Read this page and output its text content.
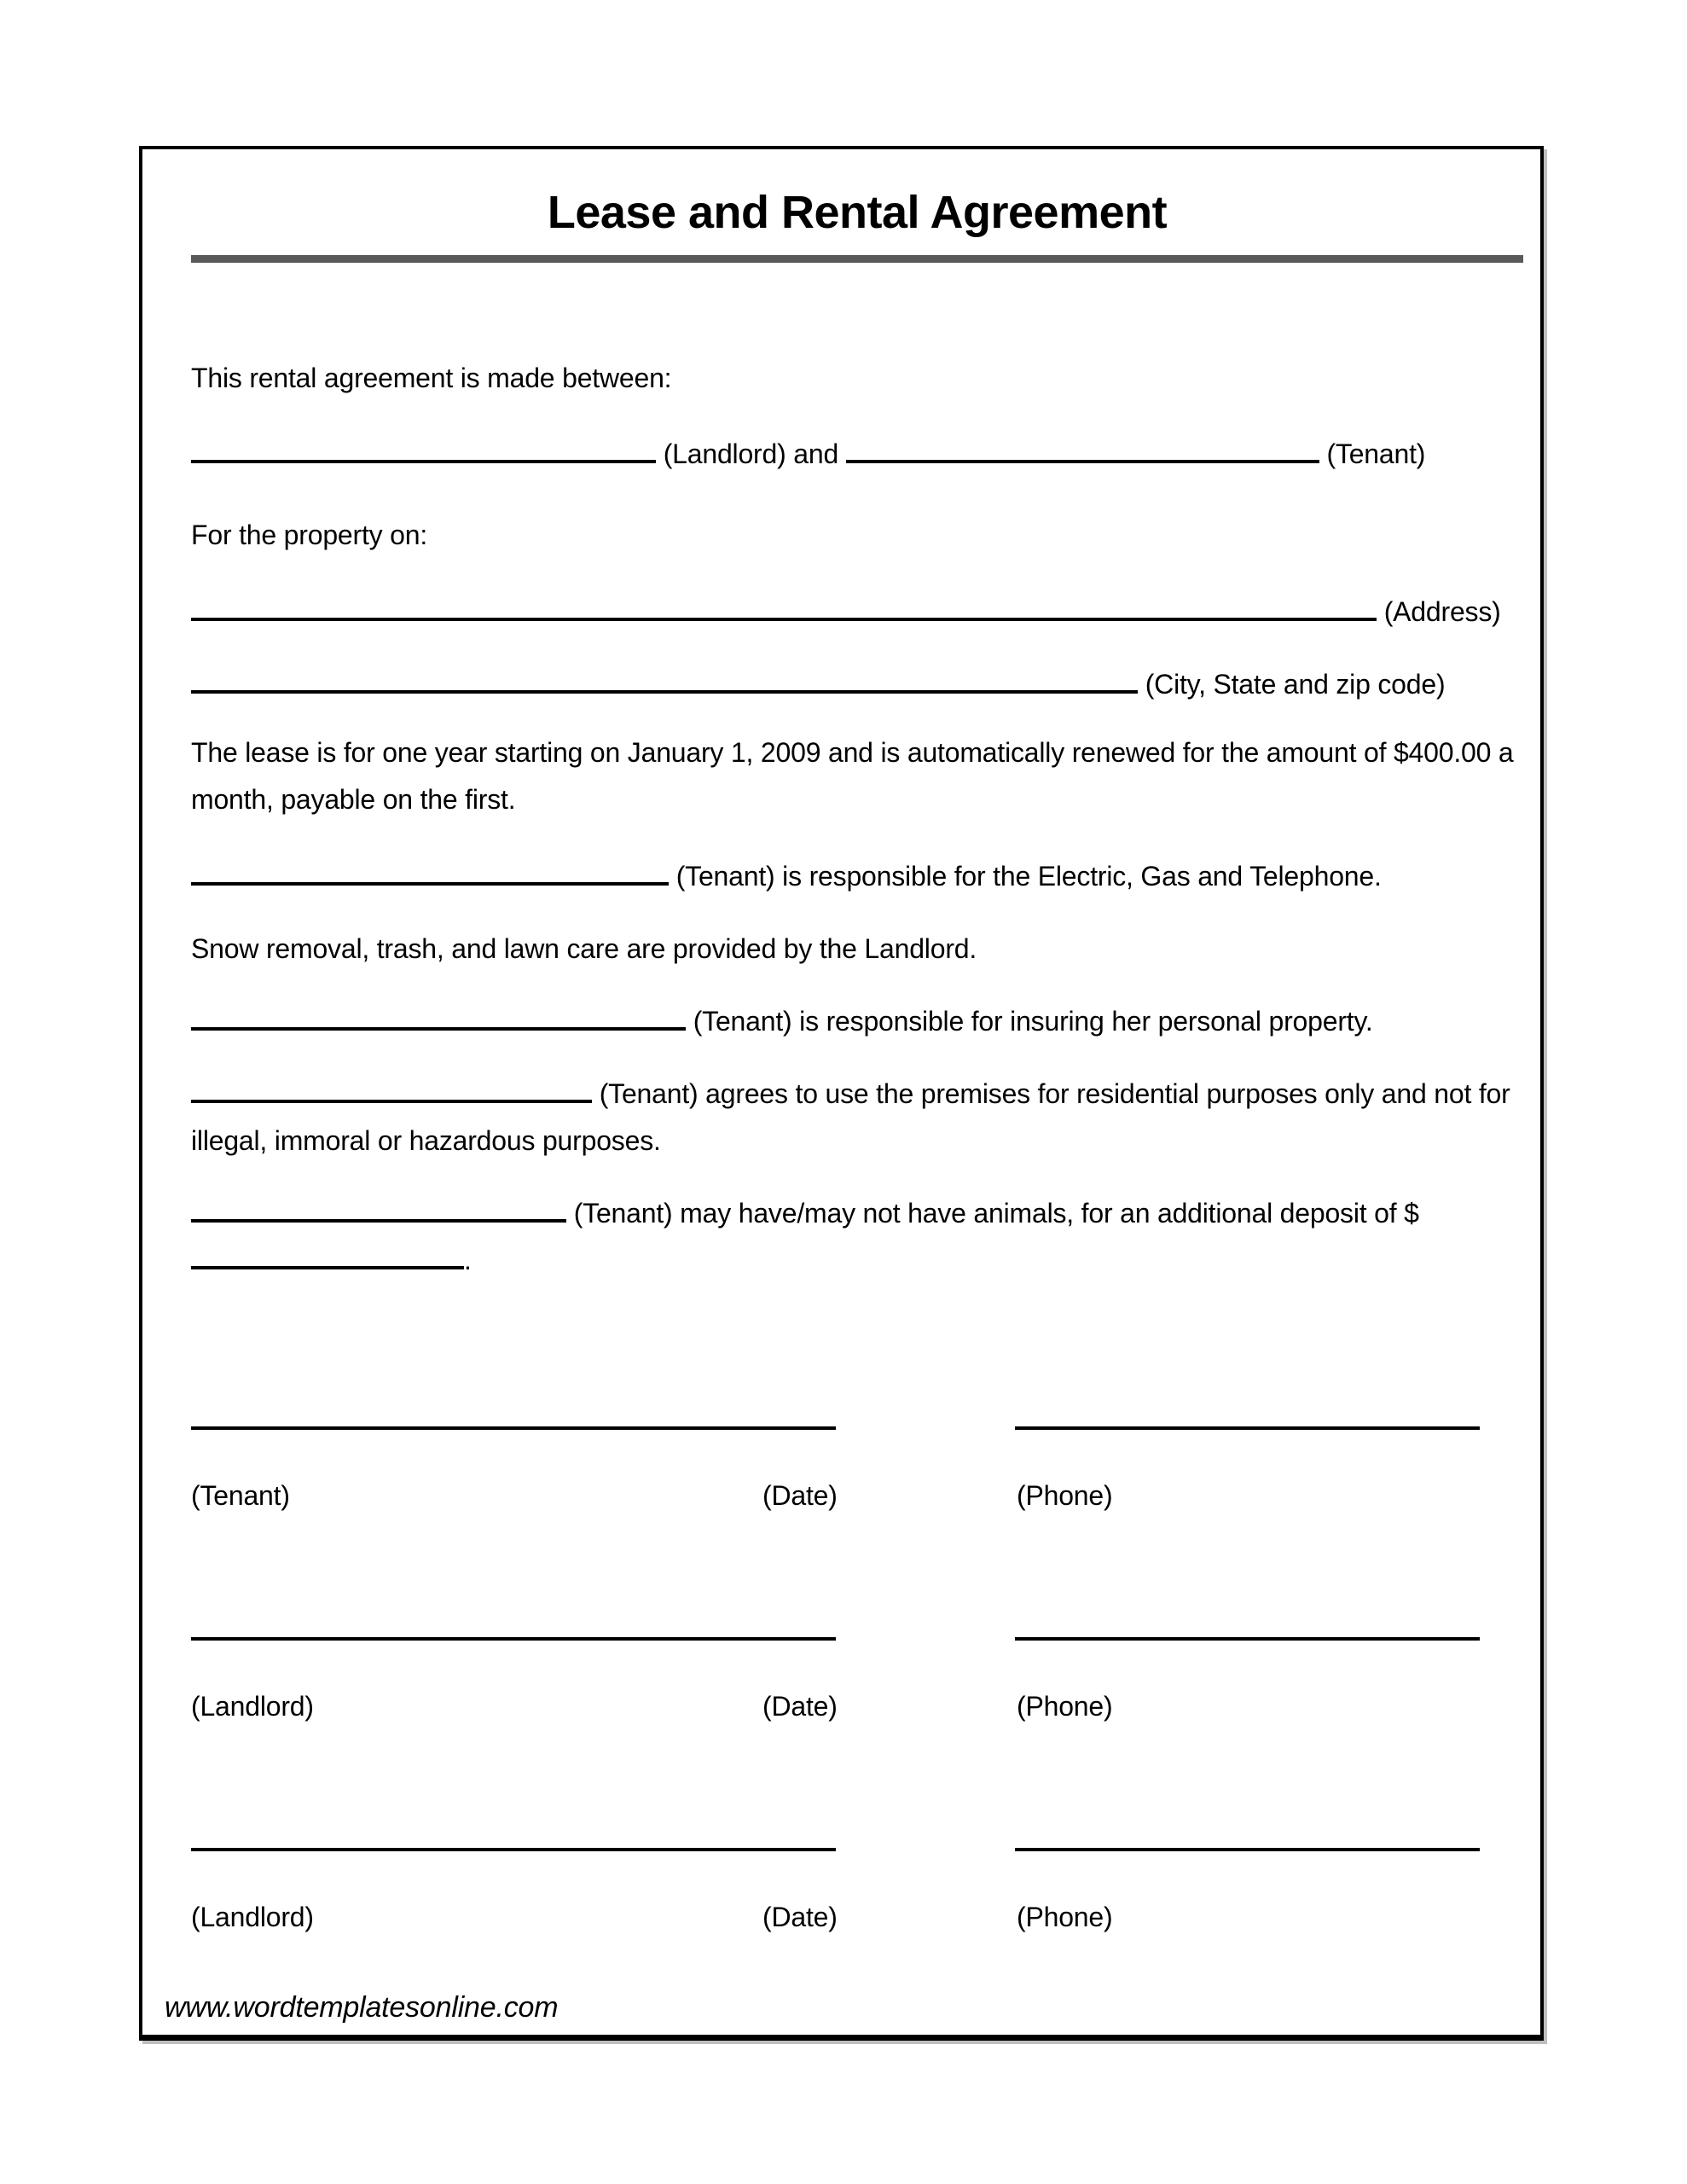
Lease and Rental Agreement

This rental agreement is made between:

(Landlord) and	(Tenant)

For the property on:

(Address)

(City, State and zip code)

The lease is for one year starting on January 1, 2009 and is automatically renewed for the amount of $400.00 a month, payable on the first.

(Tenant) is responsible for the Electric, Gas and Telephone.

Snow removal, trash, and lawn care are provided by the Landlord.

(Tenant) is responsible for insuring her personal property.

(Tenant) agrees to use the premises for residential purposes only and not for illegal, immoral or hazardous purposes.

(Tenant) may have/may not have animals, for an additional deposit of $.

(Tenant)	(Date)	(Phone)
(Landlord)	(Date)	(Phone)
(Landlord)	(Date)	(Phone)
www.wordtemplatesonline.com
